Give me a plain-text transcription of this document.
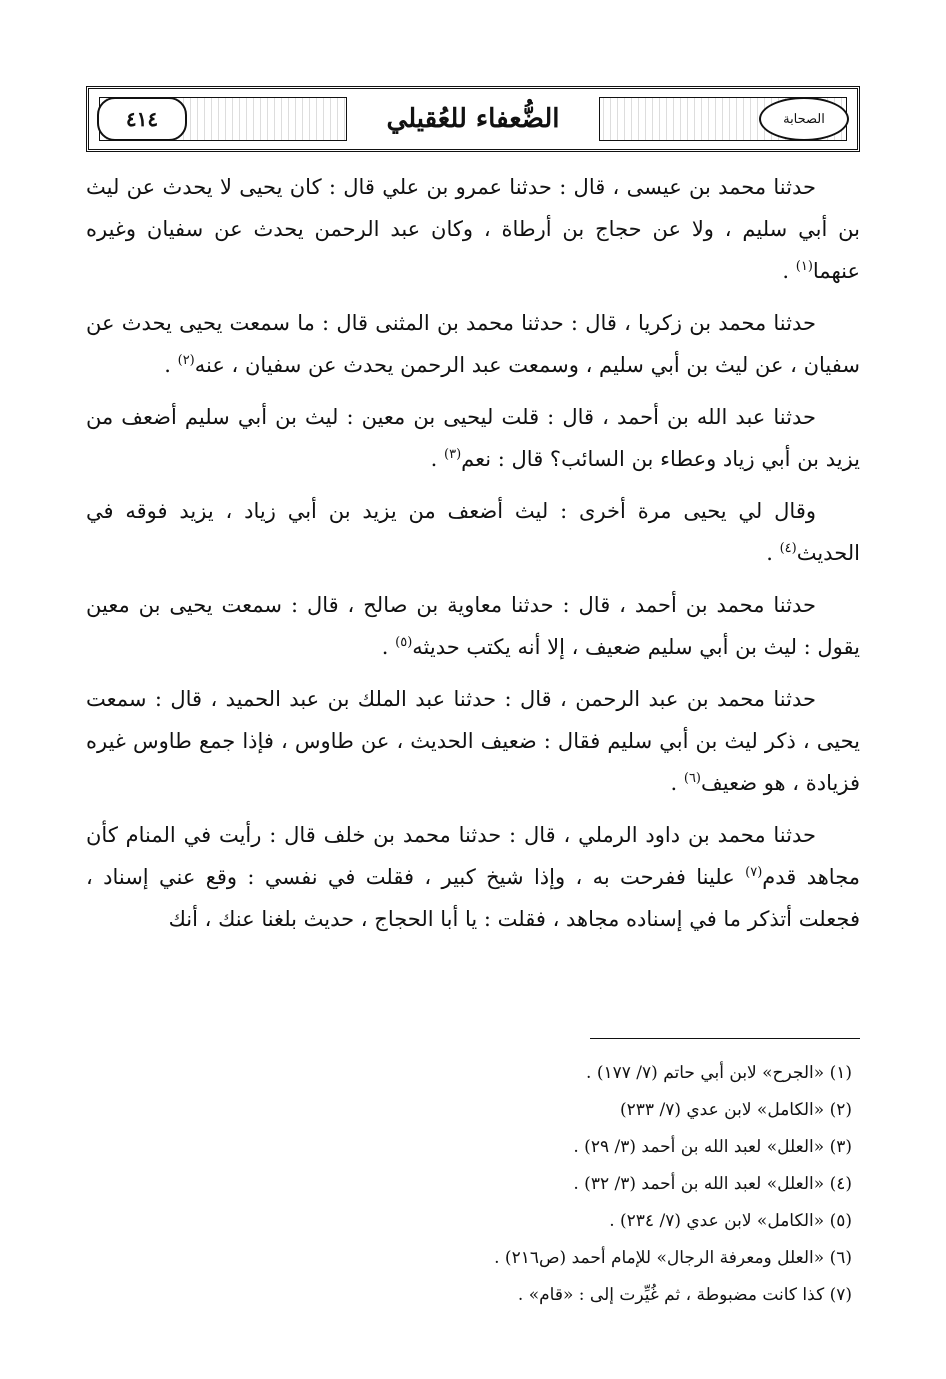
٤١٤	الضُّعفاء للعُقيلي	الصحابة

حدثنا محمد بن عيسى ، قال : حدثنا عمرو بن علي قال : كان يحيى لا يحدث عن ليث بن أبي سليم ، ولا عن حجاج بن أرطاة ، وكان عبد الرحمن يحدث عن سفيان وغيره عنهما$^{(١)}$ .

حدثنا محمد بن زكريا ، قال : حدثنا محمد بن المثنى قال : ما سمعت يحيى يحدث عن سفيان ، عن ليث بن أبي سليم ، وسمعت عبد الرحمن يحدث عن سفيان ، عنه$^{(٢)}$ .

حدثنا عبد الله بن أحمد ، قال : قلت ليحيى بن معين : ليث بن أبي سليم أضعف من يزيد بن أبي زياد وعطاء بن السائب؟ قال : نعم$^{(٣)}$ .

وقال لي يحيى مرة أخرى : ليث أضعف من يزيد بن أبي زياد ، يزيد فوقه في الحديث$^{(٤)}$ .

حدثنا محمد بن أحمد ، قال : حدثنا معاوية بن صالح ، قال : سمعت يحيى بن معين يقول : ليث بن أبي سليم ضعيف ، إلا أنه يكتب حديثه$^{(٥)}$ .

حدثنا محمد بن عبد الرحمن ، قال : حدثنا عبد الملك بن عبد الحميد ، قال : سمعت يحيى ، ذكر ليث بن أبي سليم فقال : ضعيف الحديث ، عن طاوس ، فإذا جمع طاوس غيره فزيادة ، هو ضعيف$^{(٦)}$ .

حدثنا محمد بن داود الرملي ، قال : حدثنا محمد بن خلف قال : رأيت في المنام كأن مجاهد قدم$^{(٧)}$ علينا ففرحت به ، وإذا شيخ كبير ، فقلت في نفسي : وقع عني إسناد ، فجعلت أتذكر ما في إسناده مجاهد ، فقلت : يا أبا الحجاج ، حديث بلغنا عنك ، أنك

(١) «الجرح» لابن أبي حاتم (٧/ ١٧٧) .
(٢) «الكامل» لابن عدي (٧/ ٢٣٣)
(٣) «العلل» لعبد الله بن أحمد (٣/ ٢٩) .
(٤) «العلل» لعبد الله بن أحمد (٣/ ٣٢) .
(٥) «الكامل» لابن عدي (٧/ ٢٣٤) .
(٦) «العلل ومعرفة الرجال» للإمام أحمد (ص٢١٦) .
(٧) كذا كانت مضبوطة ، ثم غُيِّرت إلى : «قام» .
